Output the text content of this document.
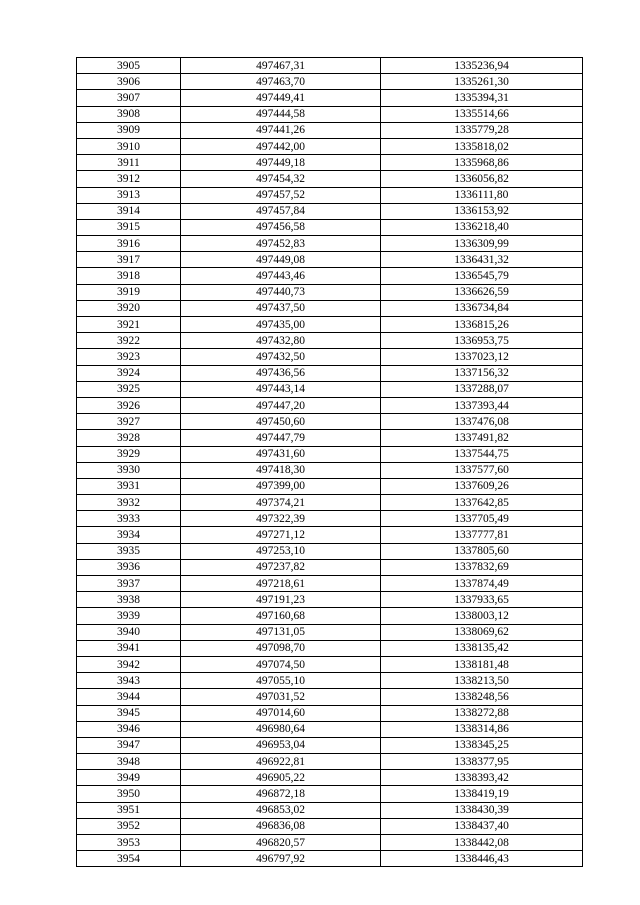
3905	497467,31	1335236,94
3906	497463,70	1335261,30
3907	497449,41	1335394,31
3908	497444,58	1335514,66
3909	497441,26	1335779,28
3910	497442,00	1335818,02
3911	497449,18	1335968,86
3912	497454,32	1336056,82
3913	497457,52	1336111,80
3914	497457,84	1336153,92
3915	497456,58	1336218,40
3916	497452,83	1336309,99
3917	497449,08	1336431,32
3918	497443,46	1336545,79
3919	497440,73	1336626,59
3920	497437,50	1336734,84
3921	497435,00	1336815,26
3922	497432,80	1336953,75
3923	497432,50	1337023,12
3924	497436,56	1337156,32
3925	497443,14	1337288,07
3926	497447,20	1337393,44
3927	497450,60	1337476,08
3928	497447,79	1337491,82
3929	497431,60	1337544,75
3930	497418,30	1337577,60
3931	497399,00	1337609,26
3932	497374,21	1337642,85
3933	497322,39	1337705,49
3934	497271,12	1337777,81
3935	497253,10	1337805,60
3936	497237,82	1337832,69
3937	497218,61	1337874,49
3938	497191,23	1337933,65
3939	497160,68	1338003,12
3940	497131,05	1338069,62
3941	497098,70	1338135,42
3942	497074,50	1338181,48
3943	497055,10	1338213,50
3944	497031,52	1338248,56
3945	497014,60	1338272,88
3946	496980,64	1338314,86
3947	496953,04	1338345,25
3948	496922,81	1338377,95
3949	496905,22	1338393,42
3950	496872,18	1338419,19
3951	496853,02	1338430,39
3952	496836,08	1338437,40
3953	496820,57	1338442,08
3954	496797,92	1338446,43
